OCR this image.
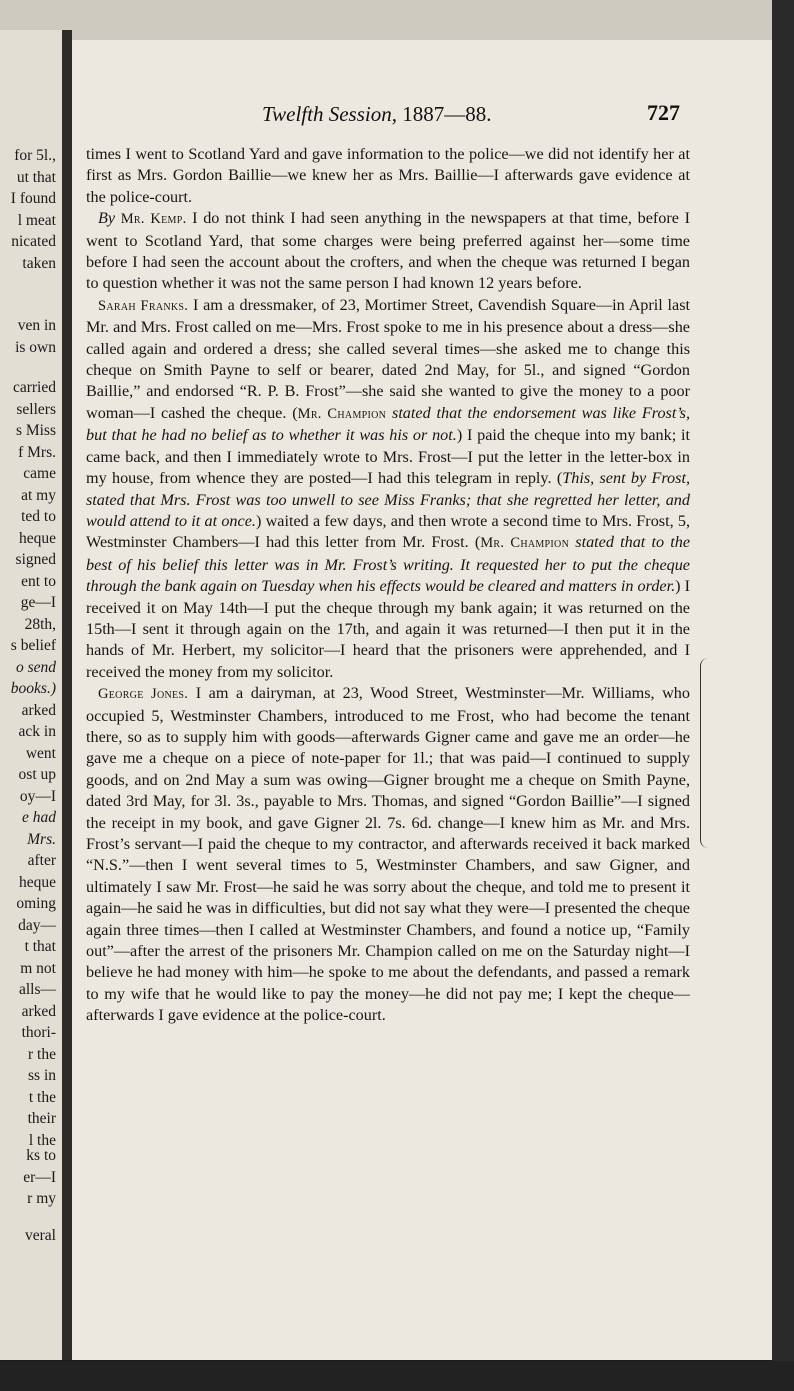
for 5l.,
ut that
I found
l meat
nicated
taken
ven in
is own
carried
sellers
s Miss
f Mrs.
came
at my
ted to
heque
signed
ent to
ge—I
28th,
s belief
o send
books.)
arked
ack in
went
ost up
oy—I
e had
Mrs.
after
heque
oming
day—
t that
m not
alls—
arked
thori-
r the
ss in
t the
their
l the
ks to
er—I
r my
veral
Twelfth Session, 1887—88.	727

times I went to Scotland Yard and gave information to the police—we did not identify her at first as Mrs. Gordon Baillie—we knew her as Mrs. Baillie—I afterwards gave evidence at the police-court.

By Mr. Kemp. I do not think I had seen anything in the newspapers at that time, before I went to Scotland Yard, that some charges were being preferred against her—some time before I had seen the account about the crofters, and when the cheque was returned I began to question whether it was not the same person I had known 12 years before.

Sarah Franks. I am a dressmaker, of 23, Mortimer Street, Cavendish Square—in April last Mr. and Mrs. Frost called on me—Mrs. Frost spoke to me in his presence about a dress—she called again and ordered a dress; she called several times—she asked me to change this cheque on Smith Payne to self or bearer, dated 2nd May, for 5l., and signed “Gordon Baillie,” and endorsed “R. P. B. Frost”—she said she wanted to give the money to a poor woman—I cashed the cheque. (Mr. Champion stated that the endorsement was like Frost’s, but that he had no belief as to whether it was his or not.) I paid the cheque into my bank; it came back, and then I immediately wrote to Mrs. Frost—I put the letter in the letter-box in my house, from whence they are posted—I had this telegram in reply. (This, sent by Frost, stated that Mrs. Frost was too unwell to see Miss Franks; that she regretted her letter, and would attend to it at once.) waited a few days, and then wrote a second time to Mrs. Frost, 5, Westminster Chambers—I had this letter from Mr. Frost. (Mr. Champion stated that to the best of his belief this letter was in Mr. Frost’s writing. It requested her to put the cheque through the bank again on Tuesday when his effects would be cleared and matters in order.) I received it on May 14th—I put the cheque through my bank again; it was returned on the 15th—I sent it through again on the 17th, and again it was returned—I then put it in the hands of Mr. Herbert, my solicitor—I heard that the prisoners were apprehended, and I received the money from my solicitor.

George Jones. I am a dairyman, at 23, Wood Street, Westminster—Mr. Williams, who occupied 5, Westminster Chambers, introduced to me Frost, who had become the tenant there, so as to supply him with goods—afterwards Gigner came and gave me an order—he gave me a cheque on a piece of note-paper for 1l.; that was paid—I continued to supply goods, and on 2nd May a sum was owing—Gigner brought me a cheque on Smith Payne, dated 3rd May, for 3l. 3s., payable to Mrs. Thomas, and signed “Gordon Baillie”—I signed the receipt in my book, and gave Gigner 2l. 7s. 6d. change—I knew him as Mr. and Mrs. Frost’s servant—I paid the cheque to my contractor, and afterwards received it back marked “N.S.”—then I went several times to 5, Westminster Chambers, and saw Gigner, and ultimately I saw Mr. Frost—he said he was sorry about the cheque, and told me to present it again—he said he was in difficulties, but did not say what they were—I presented the cheque again three times—then I called at Westminster Chambers, and found a notice up, “Family out”—after the arrest of the prisoners Mr. Champion called on me on the Saturday night—I believe he had money with him—he spoke to me about the defendants, and passed a remark to my wife that he would like to pay the money—he did not pay me; I kept the cheque—afterwards I gave evidence at the police-court.
